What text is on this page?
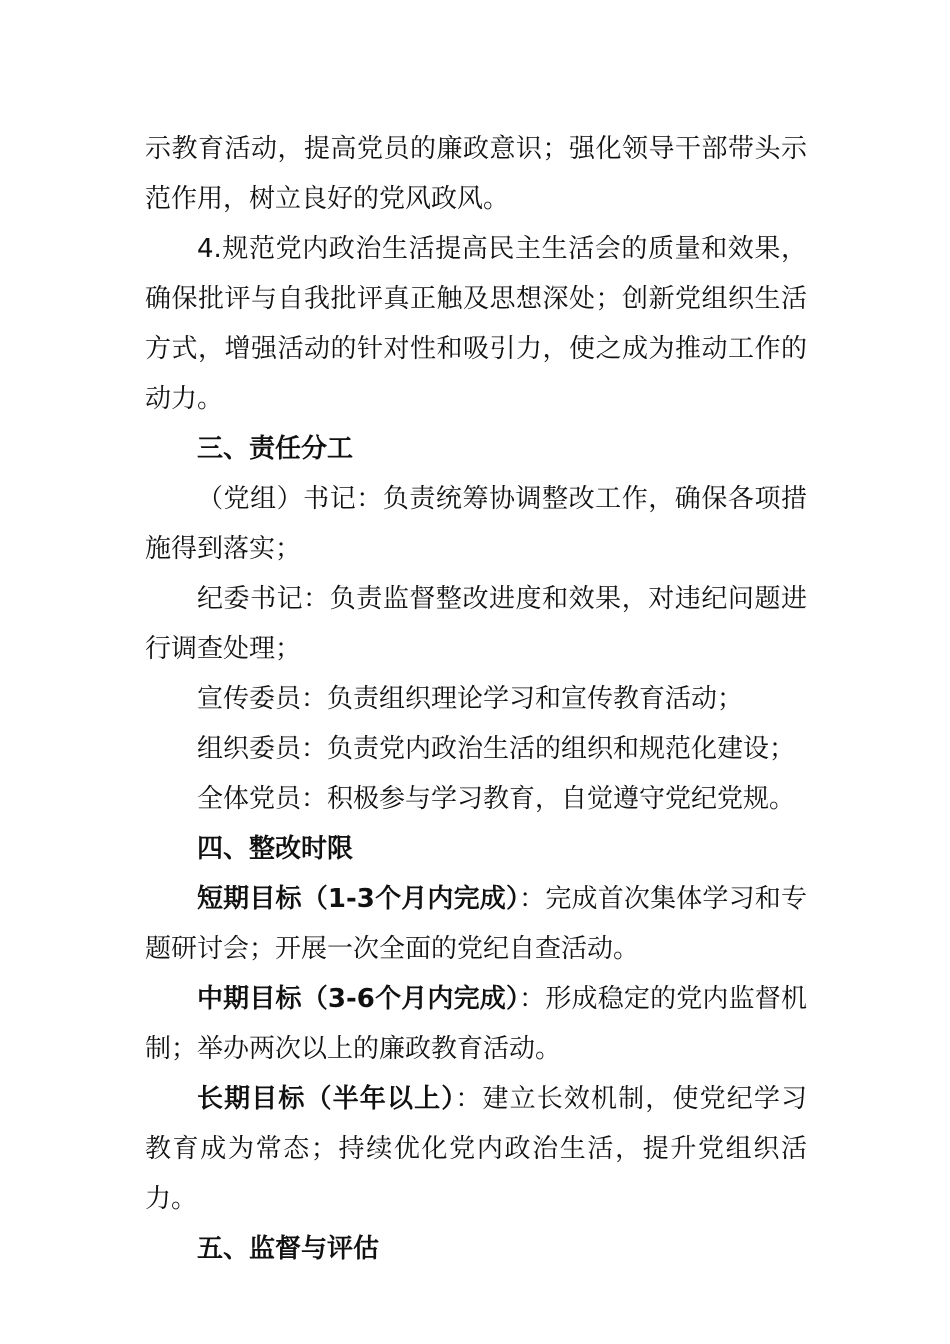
示教育活动，提高党员的廉政意识；强化领导干部带头示范作用，树立良好的党风政风。

4.规范党内政治生活提高民主生活会的质量和效果，确保批评与自我批评真正触及思想深处；创新党组织生活方式，增强活动的针对性和吸引力，使之成为推动工作的动力。

三、责任分工

（党组）书记：负责统筹协调整改工作，确保各项措施得到落实；

纪委书记：负责监督整改进度和效果，对违纪问题进行调查处理；

宣传委员：负责组织理论学习和宣传教育活动；

组织委员：负责党内政治生活的组织和规范化建设；

全体党员：积极参与学习教育，自觉遵守党纪党规。

四、整改时限

短期目标（1-3个月内完成）：完成首次集体学习和专题研讨会；开展一次全面的党纪自查活动。

中期目标（3-6个月内完成）：形成稳定的党内监督机制；举办两次以上的廉政教育活动。

长期目标（半年以上）：建立长效机制，使党纪学习教育成为常态；持续优化党内政治生活，提升党组织活力。

五、监督与评估
